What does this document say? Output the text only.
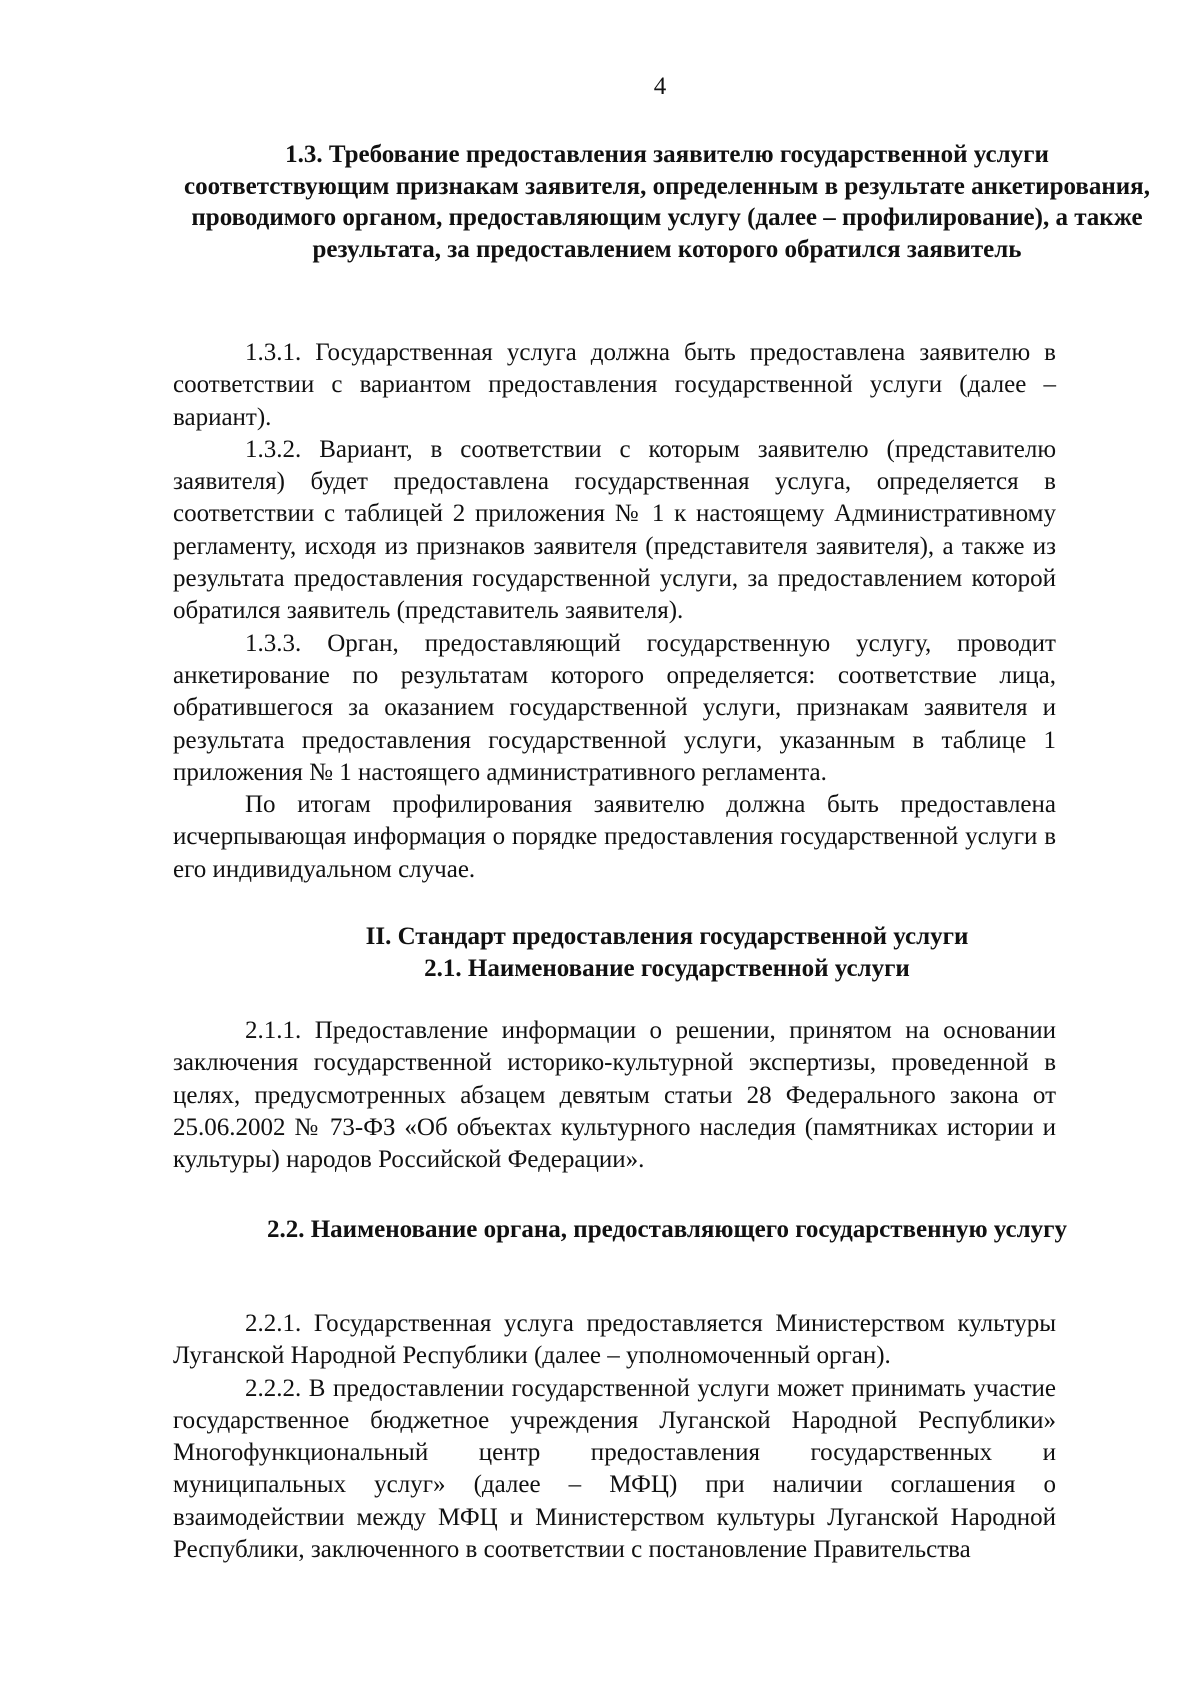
4
1.3. Требование предоставления заявителю государственной услуги соответствующим признакам заявителя, определенным в результате анкетирования, проводимого органом, предоставляющим услугу (далее – профилирование), а также результата, за предоставлением которого обратился заявитель

1.3.1. Государственная услуга должна быть предоставлена заявителю в соответствии с вариантом предоставления государственной услуги (далее – вариант).

1.3.2. Вариант, в соответствии с которым заявителю (представителю заявителя) будет предоставлена государственная услуга, определяется в соответствии с таблицей 2 приложения № 1 к настоящему Административному регламенту, исходя из признаков заявителя (представителя заявителя), а также из результата предоставления государственной услуги, за предоставлением которой обратился заявитель (представитель заявителя).

1.3.3. Орган, предоставляющий государственную услугу, проводит анкетирование по результатам которого определяется: соответствие лица, обратившегося за оказанием государственной услуги, признакам заявителя и результата предоставления государственной услуги, указанным в таблице 1 приложения № 1 настоящего административного регламента.

По итогам профилирования заявителю должна быть предоставлена исчерпывающая информация о порядке предоставления государственной услуги в его индивидуальном случае.

II. Стандарт предоставления государственной услуги
2.1. Наименование государственной услуги

2.1.1. Предоставление информации о решении, принятом на основании заключения государственной историко-культурной экспертизы, проведенной в целях, предусмотренных абзацем девятым статьи 28 Федерального закона от 25.06.2002 № 73-ФЗ «Об объектах культурного наследия (памятниках истории и культуры) народов Российской Федерации».

2.2. Наименование органа, предоставляющего государственную услугу

2.2.1. Государственная услуга предоставляется Министерством культуры Луганской Народной Республики (далее – уполномоченный орган).

2.2.2. В предоставлении государственной услуги может принимать участие государственное бюджетное учреждения Луганской Народной Республики» Многофункциональный центр предоставления государственных и муниципальных услуг» (далее – МФЦ) при наличии соглашения о взаимодействии между МФЦ и Министерством культуры Луганской Народной Республики, заключенного в соответствии с постановление Правительства
